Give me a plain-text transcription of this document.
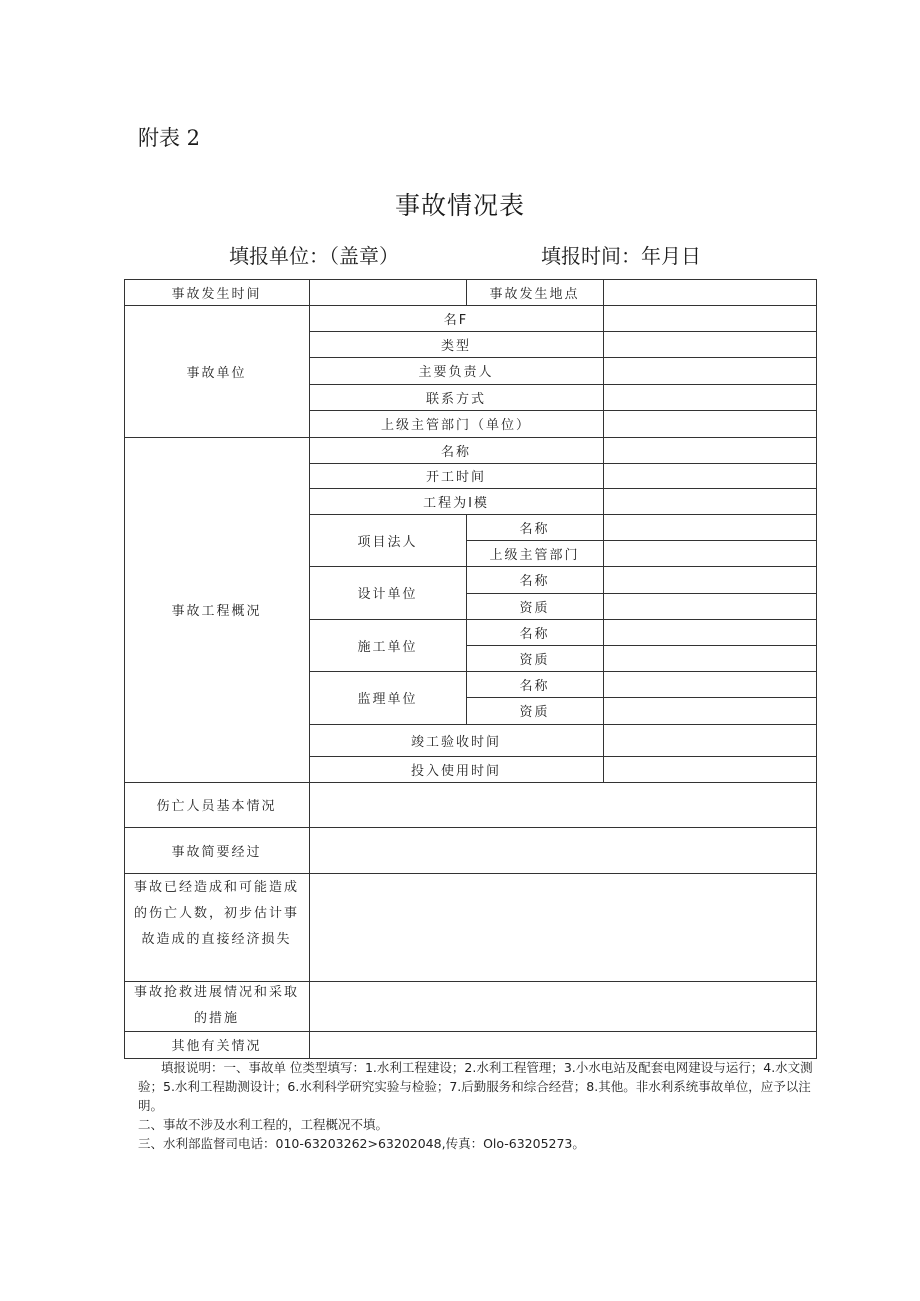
附表 2
事故情况表
填报单位：（盖章）	填报时间：年月日
事故发生时间	事故发生地点
事故单位
名F
类型
主要负责人
联系方式
上级主管部门（单位）
事故工程概况
名称
开工时间
工程为I模
项目法人
名称
上级主管部门
设计单位
名称
资质
施工单位
名称
资质
监理单位
名称
资质
竣工验收时间
投入使用时间
伤亡人员基本情况
事故简要经过
事故已经造成和可能造成的伤亡人数，初步估计事故造成的直接经济损失
事故抢救进展情况和采取的措施
其他有关情况

填报说明：一、事故单 位类型填写：1.水利工程建设；2.水利工程管理；3.小水电站及配套电网建设与运行；4.水文测验；5.水利工程勘测设计；6.水利科学研究实验与检验；7.后勤服务和综合经营；8.其他。非水利系统事故单位，应予以注明。

二、事故不涉及水利工程的，工程概况不填。

三、水利部监督司电话：010-63203262>63202048,传真：Olo-63205273。
